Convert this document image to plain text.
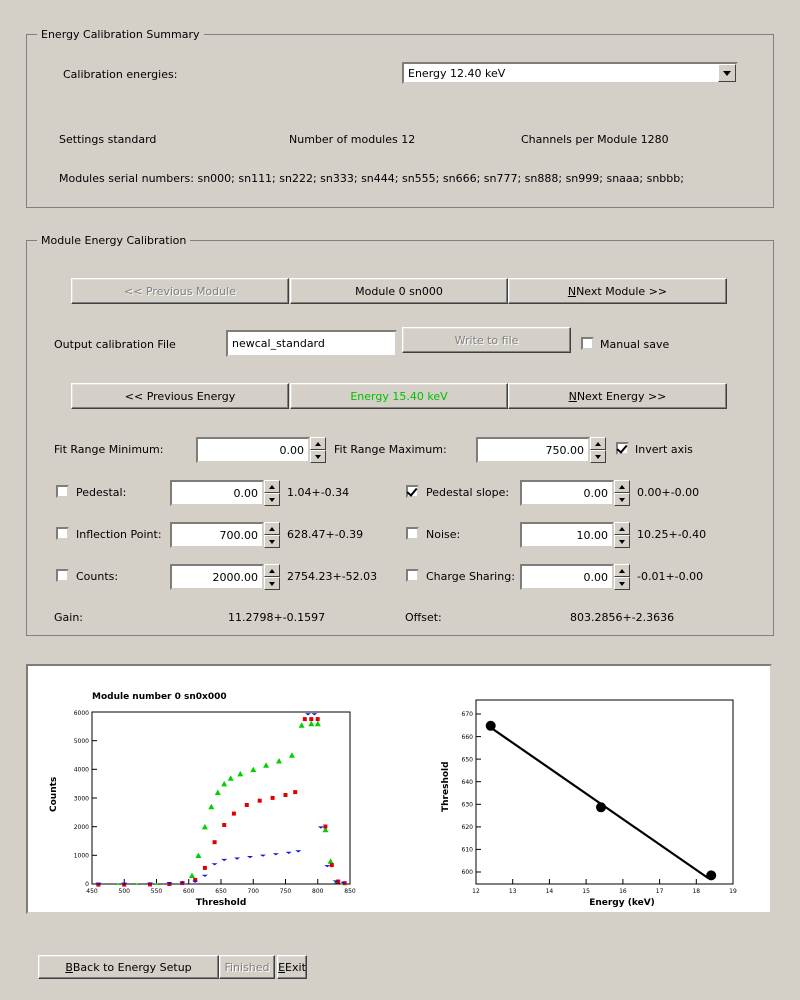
Energy Calibration Summary
Calibration energies:	Energy 12.40 keV
Settings standard	Number of modules 12	Channels per Module 1280
Modules serial numbers: sn000; sn111; sn222; sn333; sn444; sn555; sn666; sn777; sn888; sn999; snaaa; snbbb;
Module Energy Calibration
<< Previous Module	Module 0 sn000	N Next Module >>
Output calibration File	newcal_standard	Write to file	Manual save
<< Previous Energy	Energy 15.40 keV	N Next Energy >>
Fit Range Minimum:	0.00	Fit Range Maximum:	750.00	Invert axis
Pedestal:	0.00	1.04+-0.34
Inflection Point:	700.00	628.47+-0.39
Counts:	2000.00	2754.23+-52.03
Pedestal slope:	0.00	0.00+-0.00
Noise:	10.00	10.25+-0.40
Charge Sharing:	0.00	-0.01+-0.00
Gain:	11.2798+-0.1597	Offset:	803.2856+-2.3636
Module number 0 sn0x000
0
1000
2000
3000
4000
5000
6000
450	500	550	600	650	700	750	800	850
Counts
Threshold
600
610
620
630
640
650
660
670
12	13	14	15	16	17	18	19
Threshold
Energy (keV)
B Back to Energy Setup	Finished E Exit
